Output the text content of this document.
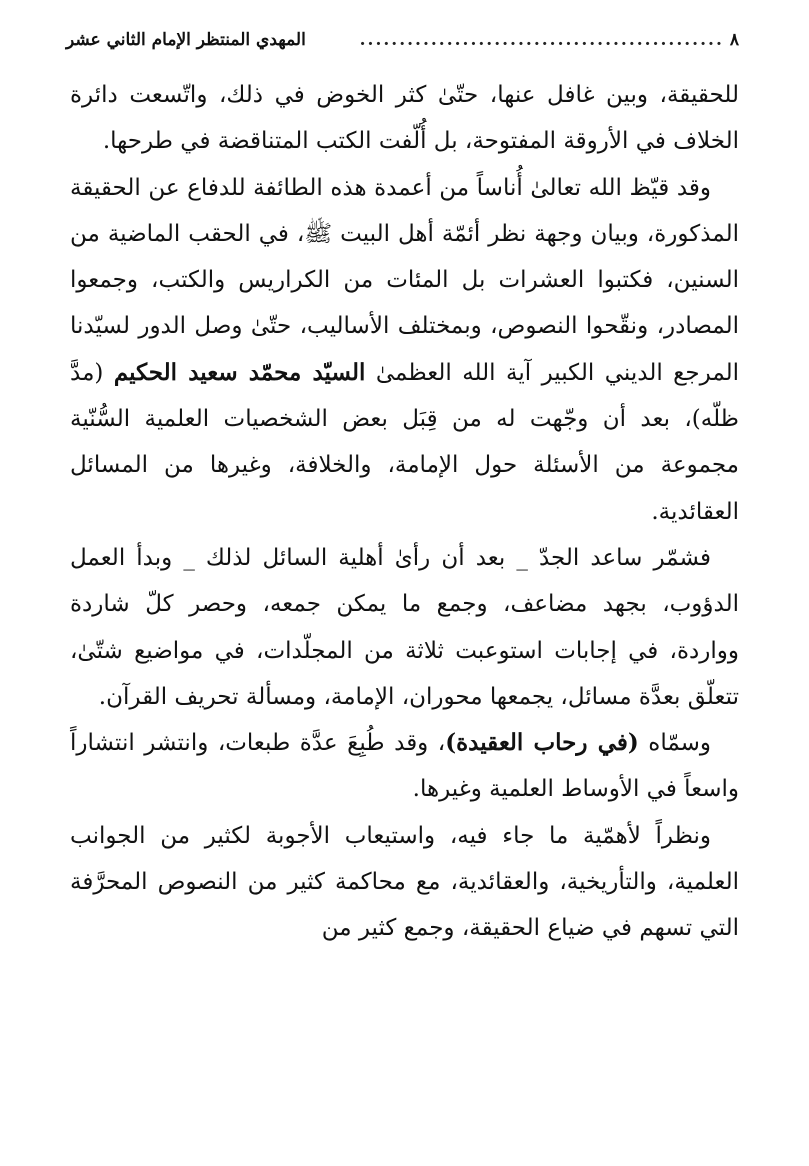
٨
..............................................
المهدي المنتظر الإمام الثاني عشر

للحقيقة، وبين غافل عنها، حتّىٰ كثر الخوض في ذلك، واتّسعت دائرة الخلاف في الأروقة المفتوحة، بل أُلّفت الكتب المتناقضة في طرحها.

وقد قيّظ الله تعالىٰ أُناساً من أعمدة هذه الطائفة للدفاع عن الحقيقة المذكورة، وبيان وجهة نظر أئمّة أهل البيت ﷺ، في الحقب الماضية من السنين، فكتبوا العشرات بل المئات من الكراريس والكتب، وجمعوا المصادر، ونقّحوا النصوص، وبمختلف الأساليب، حتّىٰ وصل الدور لسيّدنا المرجع الديني الكبير آية الله العظمىٰ السيّد محمّد سعيد الحكيم (مدَّ ظلّه)، بعد أن وجّهت له من قِبَل بعض الشخصيات العلمية السُّنّية مجموعة من الأسئلة حول الإمامة، والخلافة، وغيرها من المسائل العقائدية.

فشمّر ساعد الجدّ _ بعد أن رأىٰ أهلية السائل لذلك _ وبدأ العمل الدؤوب، بجهد مضاعف، وجمع ما يمكن جمعه، وحصر كلّ شاردة وواردة، في إجابات استوعبت ثلاثة من المجلّدات، في مواضيع شتّىٰ، تتعلّق بعدَّة مسائل، يجمعها محوران، الإمامة، ومسألة تحريف القرآن.

وسمّاه (في رحاب العقيدة)، وقد طُبِعَ عدَّة طبعات، وانتشر انتشاراً واسعاً في الأوساط العلمية وغيرها.

ونظراً لأهمّية ما جاء فيه، واستيعاب الأجوبة لكثير من الجوانب العلمية، والتأريخية، والعقائدية، مع محاكمة كثير من النصوص المحرَّفة التي تسهم في ضياع الحقيقة، وجمع كثير من
